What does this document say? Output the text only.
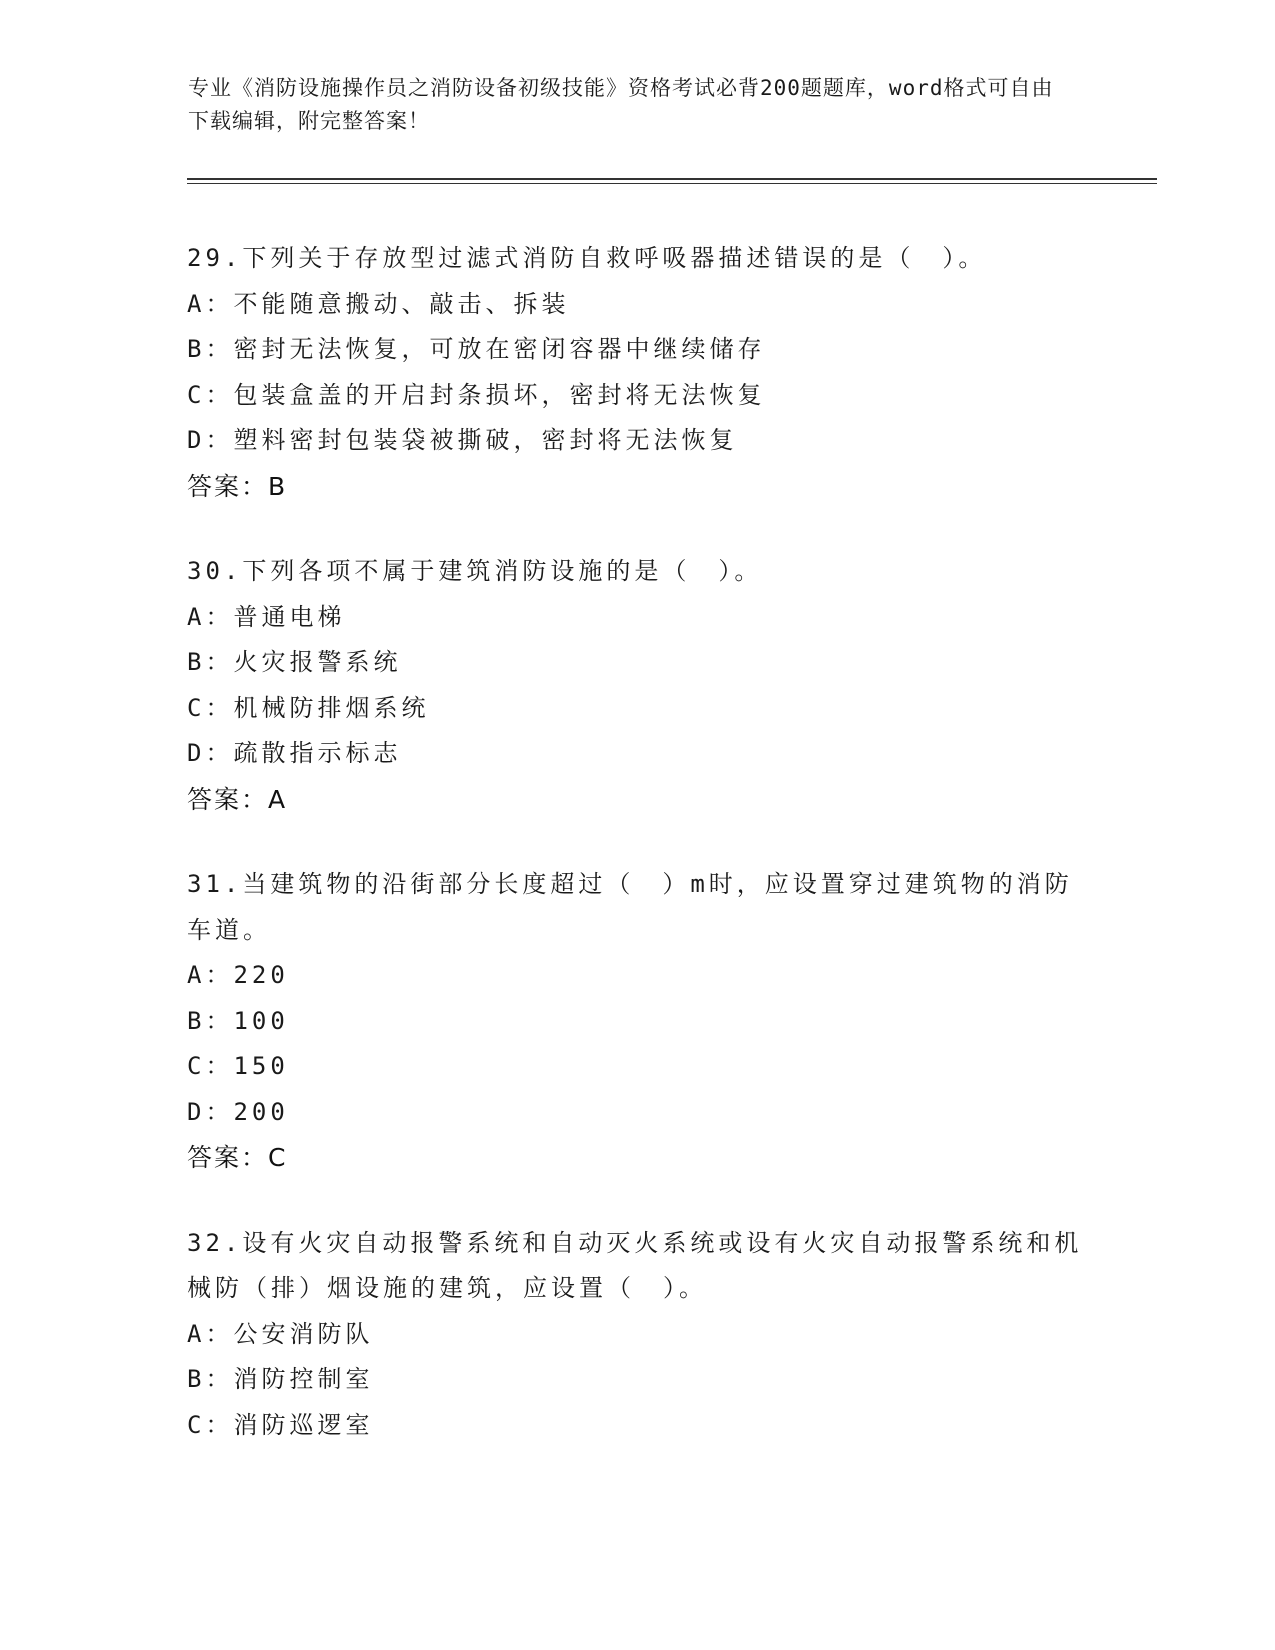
专业《消防设施操作员之消防设备初级技能》资格考试必背200题题库，word格式可自由下载编辑，附完整答案！
29.下列关于存放型过滤式消防自救呼吸器描述错误的是（　）。
A：不能随意搬动、敲击、拆装
B：密封无法恢复，可放在密闭容器中继续储存
C：包装盒盖的开启封条损坏，密封将无法恢复
D：塑料密封包装袋被撕破，密封将无法恢复
答案：B
30.下列各项不属于建筑消防设施的是（　）。
A：普通电梯
B：火灾报警系统
C：机械防排烟系统
D：疏散指示标志
答案：A
31.当建筑物的沿街部分长度超过（　）m时，应设置穿过建筑物的消防车道。
A：220
B：100
C：150
D：200
答案：C
32.设有火灾自动报警系统和自动灭火系统或设有火灾自动报警系统和机械防（排）烟设施的建筑，应设置（　）。
A：公安消防队
B：消防控制室
C：消防巡逻室
